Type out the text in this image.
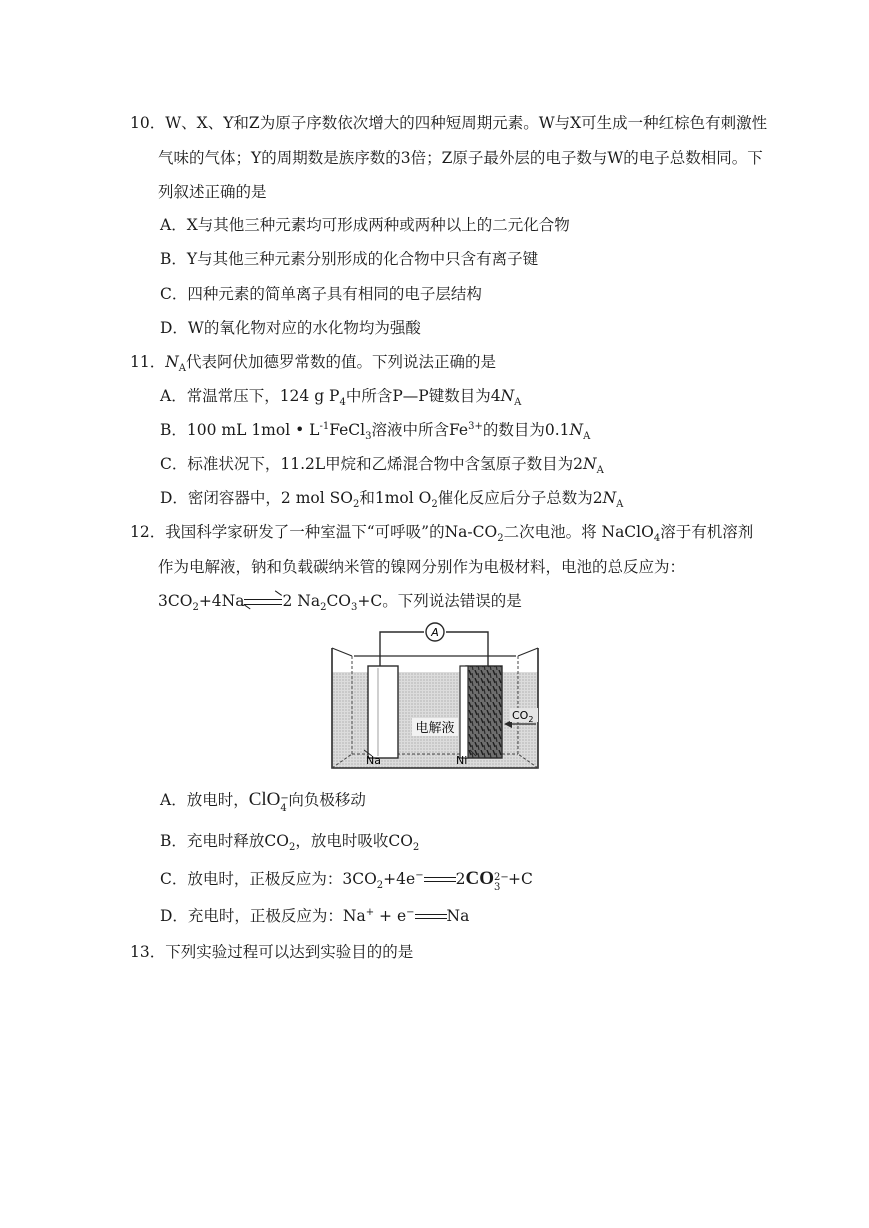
10．W、X、Y和Z为原子序数依次增大的四种短周期元素。W与X可生成一种红棕色有刺激性
气味的气体；Y的周期数是族序数的3倍；Z原子最外层的电子数与W的电子总数相同。下
列叙述正确的是
A．X与其他三种元素均可形成两种或两种以上的二元化合物
B．Y与其他三种元素分别形成的化合物中只含有离子键
C．四种元素的简单离子具有相同的电子层结构
D．W的氧化物对应的水化物均为强酸
11．$N_A$代表阿伏加德罗常数的值。下列说法正确的是
A．常温常压下，124 g $P_4$中所含P—P键数目为$4N_A$
B．100 mL 1mol • $L^{-1}FeCl_3$溶液中所含$Fe^{3+}$的数目为$0.1N_A$
C．标准状况下，11.2L甲烷和乙烯混合物中含氢原子数目为$2N_A$
D．密闭容器中，2 mol $SO_2$和1mol $O_2$催化反应后分子总数为$2N_A$
12．我国科学家研发了一种室温下“可呼吸”的$Na-CO_2$二次电池。将 NaClO$_4$溶于有机溶剂
作为电解液，钠和负载碳纳米管的镍网分别作为电极材料，电池的总反应为：
$3CO_2+4Na\rightleftharpoons 2$ $Na_2CO_3+C$。下列说法错误的是
A
电解液
Na	Ni
$CO_2$
A．放电时，ClO −
4 向负极移动
B．充电时释放$CO_2$，放电时吸收$CO_2$
C．放电时，正极反应为：$3CO_2+4e^-$ 2CO 2−
3 +C
D．充电时，正极反应为：Na+ + e− Na
13．下列实验过程可以达到实验目的的是
